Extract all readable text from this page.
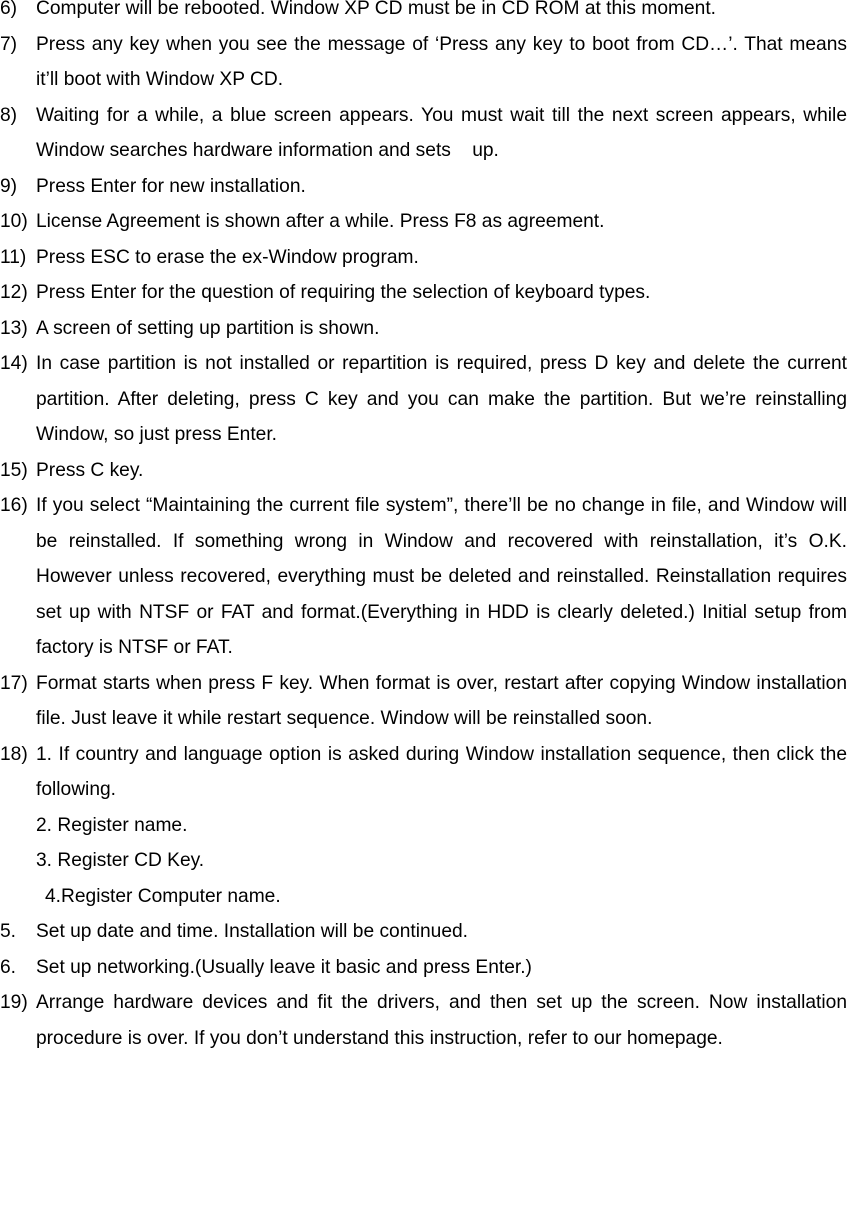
6) Computer will be rebooted. Window XP CD must be in CD ROM at this moment.
7) Press any key when you see the message of ‘Press any key to boot from CD…’. That means it’ll boot with Window XP CD.
8) Waiting for a while, a blue screen appears. You must wait till the next screen appears, while Window searches hardware information and sets    up.
9) Press Enter for new installation.
10) License Agreement is shown after a while. Press F8 as agreement.
11) Press ESC to erase the ex-Window program.
12) Press Enter for the question of requiring the selection of keyboard types.
13) A screen of setting up partition is shown.
14) In case partition is not installed or repartition is required, press D key and delete the current partition. After deleting, press C key and you can make the partition. But we’re reinstalling Window, so just press Enter.
15) Press C key.
16) If you select “Maintaining the current file system”, there’ll be no change in file, and Window will be reinstalled. If something wrong in Window and recovered with reinstallation, it’s O.K. However unless recovered, everything must be deleted and reinstalled. Reinstallation requires set up with NTSF or FAT and format.(Everything in HDD is clearly deleted.) Initial setup from factory is NTSF or FAT.
17) Format starts when press F key. When format is over, restart after copying Window installation file. Just leave it while restart sequence. Window will be reinstalled soon.
18) 1. If country and language option is asked during Window installation sequence, then click the following.
2. Register name.
3. Register CD Key.
4.Register Computer name.
5. Set up date and time. Installation will be continued.
6. Set up networking.(Usually leave it basic and press Enter.)
19) Arrange hardware devices and fit the drivers, and then set up the screen. Now installation procedure is over. If you don’t understand this instruction, refer to our homepage.
